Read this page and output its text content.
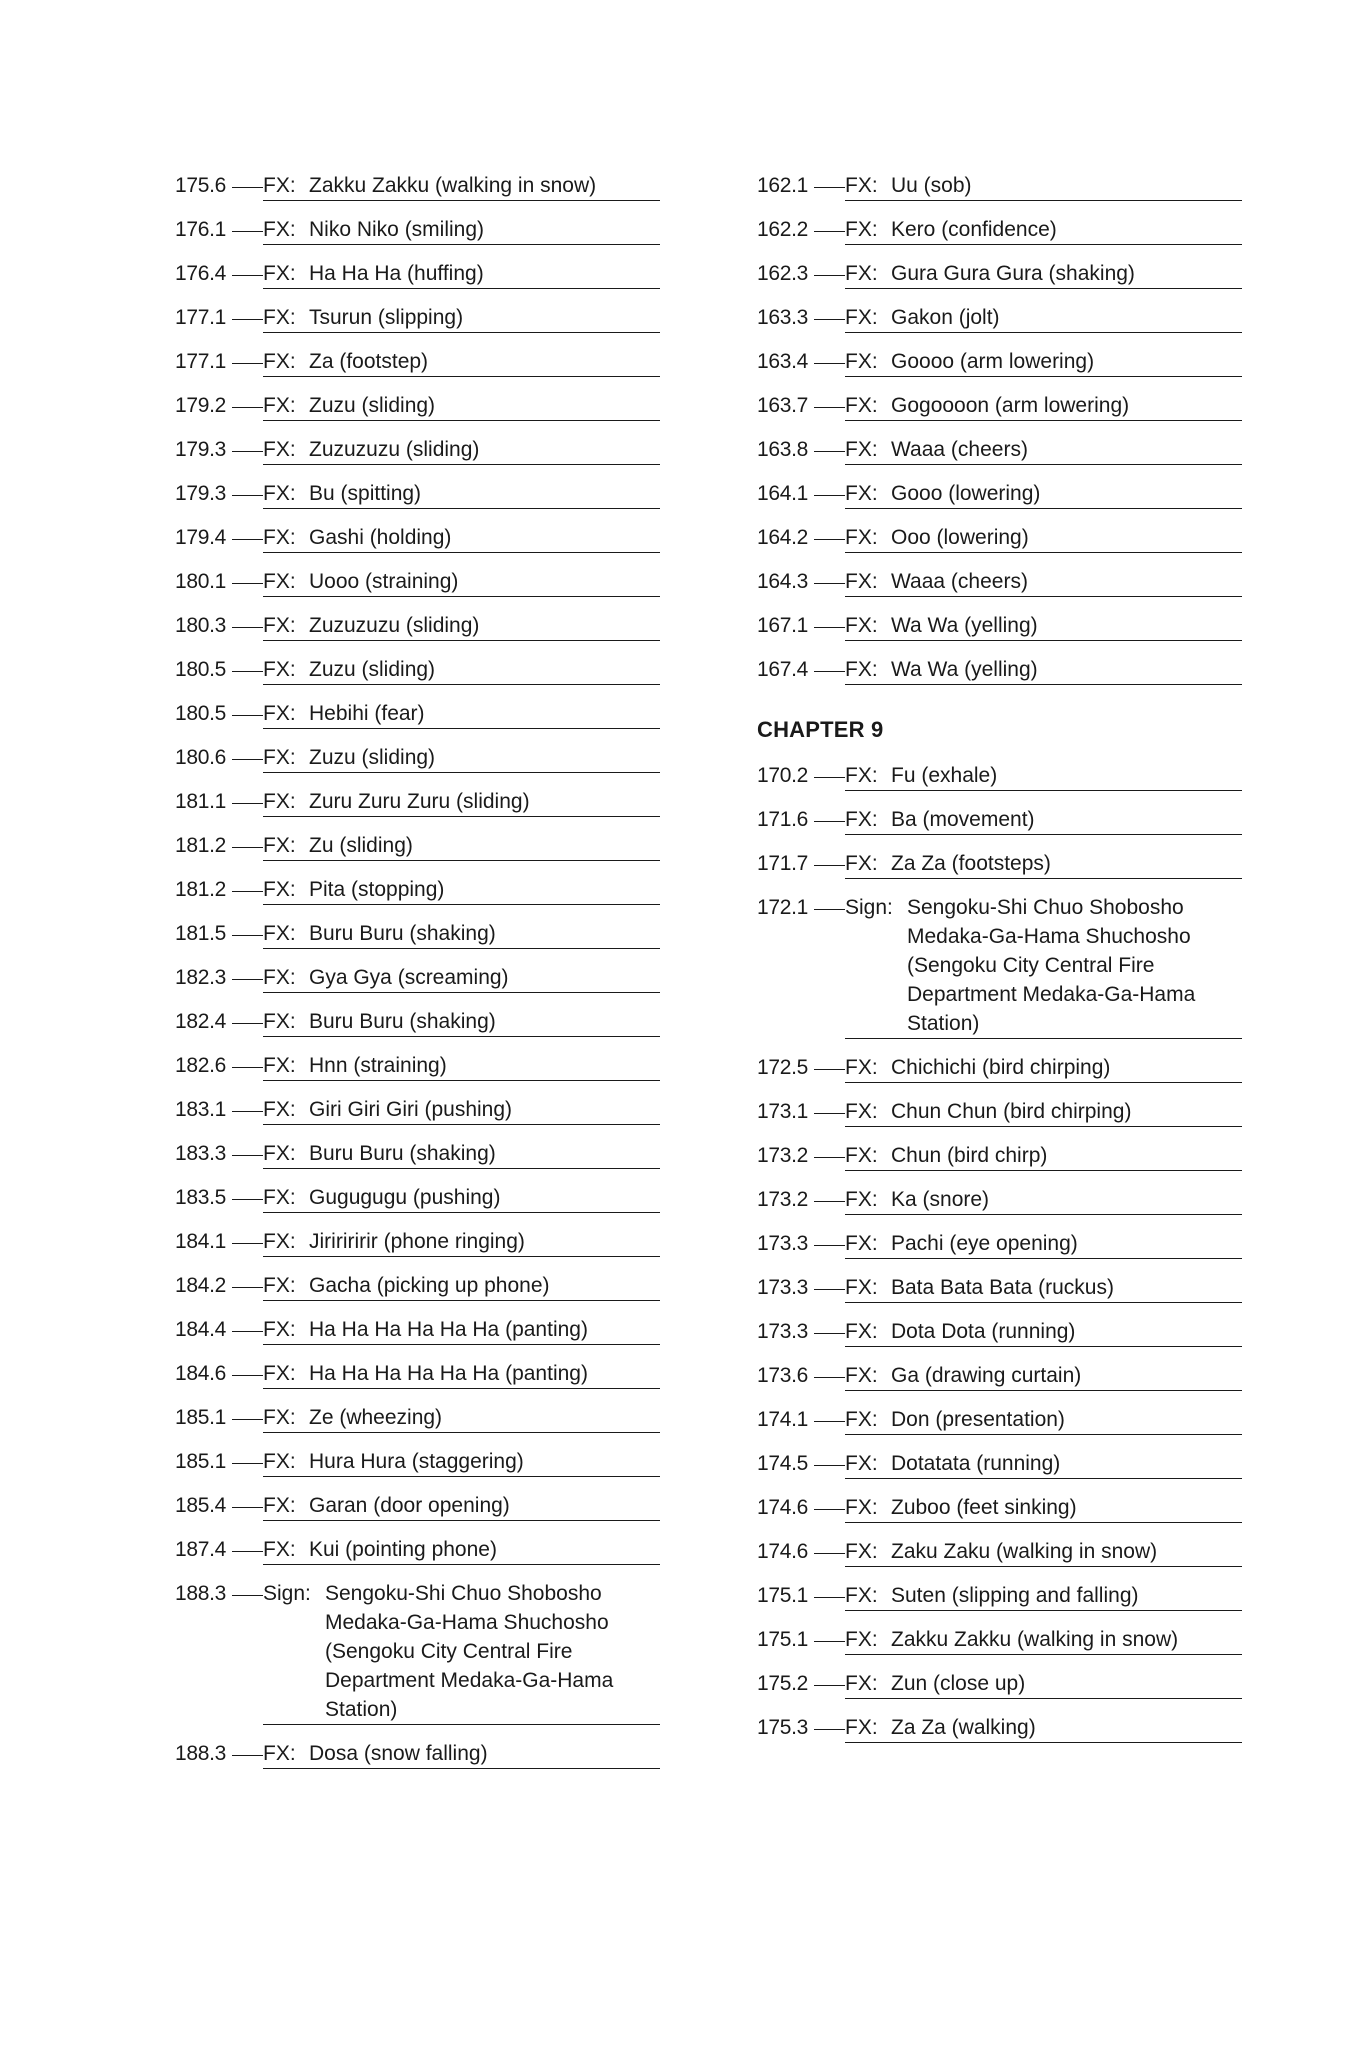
175.6 FX: Zakku Zakku (walking in snow)
176.1 FX: Niko Niko (smiling)
176.4 FX: Ha Ha Ha (huffing)
177.1 FX: Tsurun (slipping)
177.1 FX: Za (footstep)
179.2 FX: Zuzu (sliding)
179.3 FX: Zuzuzuzu (sliding)
179.3 FX: Bu (spitting)
179.4 FX: Gashi (holding)
180.1 FX: Uooo (straining)
180.3 FX: Zuzuzuzu (sliding)
180.5 FX: Zuzu (sliding)
180.5 FX: Hebihi (fear)
180.6 FX: Zuzu (sliding)
181.1 FX: Zuru Zuru Zuru (sliding)
181.2 FX: Zu (sliding)
181.2 FX: Pita (stopping)
181.5 FX: Buru Buru (shaking)
182.3 FX: Gya Gya (screaming)
182.4 FX: Buru Buru (shaking)
182.6 FX: Hnn (straining)
183.1 FX: Giri Giri Giri (pushing)
183.3 FX: Buru Buru (shaking)
183.5 FX: Gugugugu (pushing)
184.1 FX: Jiririririr (phone ringing)
184.2 FX: Gacha (picking up phone)
184.4 FX: Ha Ha Ha Ha Ha Ha (panting)
184.6 FX: Ha Ha Ha Ha Ha Ha (panting)
185.1 FX: Ze (wheezing)
185.1 FX: Hura Hura (staggering)
185.4 FX: Garan (door opening)
187.4 FX: Kui (pointing phone)
188.3 Sign: Sengoku-Shi Chuo Shobosho Medaka-Ga-Hama Shuchosho (Sengoku City Central Fire Department Medaka-Ga-Hama Station)
188.3 FX: Dosa (snow falling)
162.1 FX: Uu (sob)
162.2 FX: Kero (confidence)
162.3 FX: Gura Gura Gura (shaking)
163.3 FX: Gakon (jolt)
163.4 FX: Goooo (arm lowering)
163.7 FX: Gogoooon (arm lowering)
163.8 FX: Waaa (cheers)
164.1 FX: Gooo (lowering)
164.2 FX: Ooo (lowering)
164.3 FX: Waaa (cheers)
167.1 FX: Wa Wa (yelling)
167.4 FX: Wa Wa (yelling)
CHAPTER 9
170.2 FX: Fu (exhale)
171.6 FX: Ba (movement)
171.7 FX: Za Za (footsteps)
172.1 Sign: Sengoku-Shi Chuo Shobosho Medaka-Ga-Hama Shuchosho (Sengoku City Central Fire Department Medaka-Ga-Hama Station)
172.5 FX: Chichichi (bird chirping)
173.1 FX: Chun Chun (bird chirping)
173.2 FX: Chun (bird chirp)
173.2 FX: Ka (snore)
173.3 FX: Pachi (eye opening)
173.3 FX: Bata Bata Bata (ruckus)
173.3 FX: Dota Dota (running)
173.6 FX: Ga (drawing curtain)
174.1 FX: Don (presentation)
174.5 FX: Dotatata (running)
174.6 FX: Zuboo (feet sinking)
174.6 FX: Zaku Zaku (walking in snow)
175.1 FX: Suten (slipping and falling)
175.1 FX: Zakku Zakku (walking in snow)
175.2 FX: Zun (close up)
175.3 FX: Za Za (walking)
